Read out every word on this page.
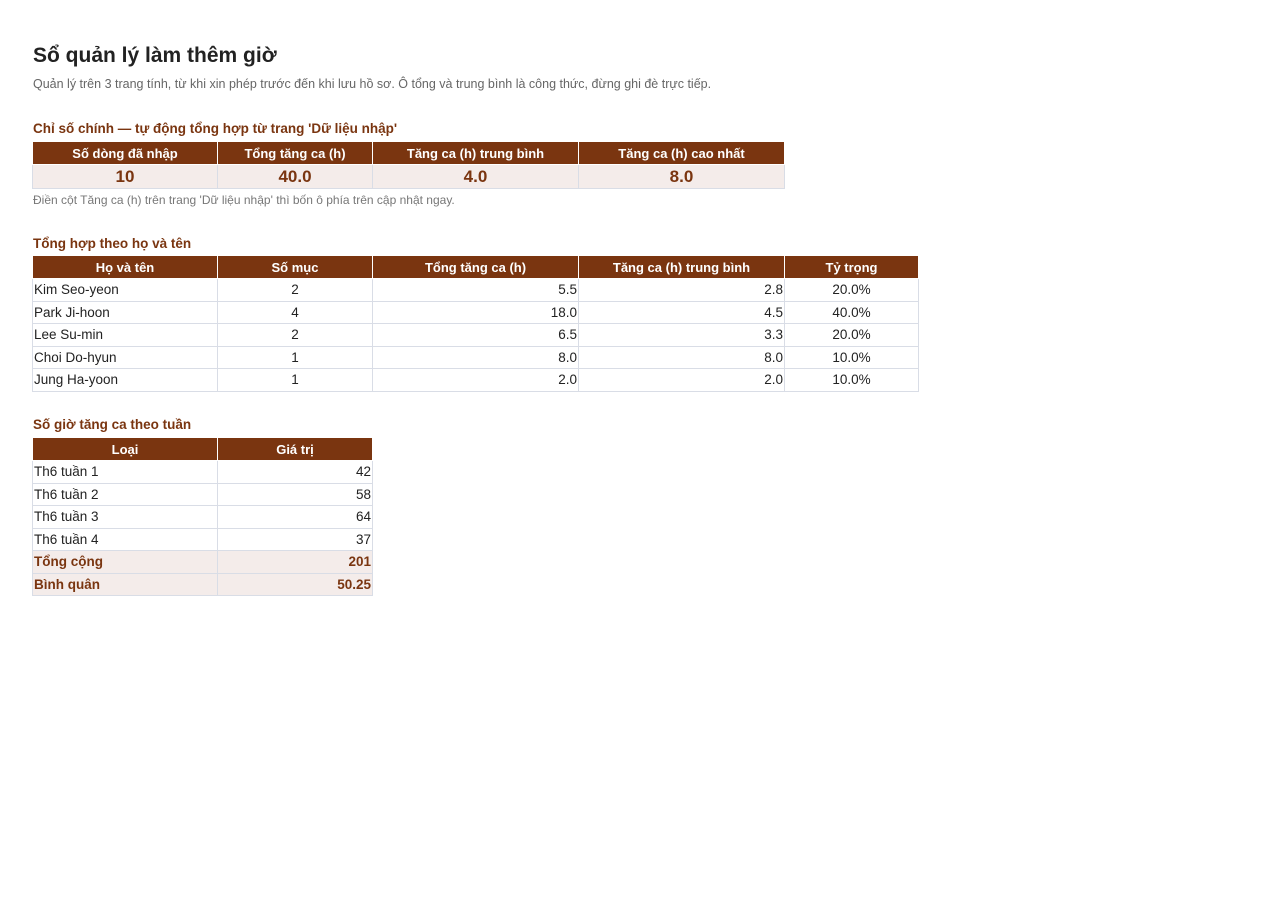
Sổ quản lý làm thêm giờ
Quản lý trên 3 trang tính, từ khi xin phép trước đến khi lưu hồ sơ. Ô tổng và trung bình là công thức, đừng ghi đè trực tiếp.
Chỉ số chính — tự động tổng hợp từ trang 'Dữ liệu nhập'
Số dòng đã nhập	Tổng tăng ca (h)	Tăng ca (h) trung bình	Tăng ca (h) cao nhất
10	40.0	4.0	8.0
Điền cột Tăng ca (h) trên trang 'Dữ liệu nhập' thì bốn ô phía trên cập nhật ngay.
Tổng hợp theo họ và tên
Họ và tên	Số mục	Tổng tăng ca (h)	Tăng ca (h) trung bình	Tỷ trọng
Kim Seo-yeon	2	5.5	2.8	20.0%
Park Ji-hoon	4	18.0	4.5	40.0%
Lee Su-min	2	6.5	3.3	20.0%
Choi Do-hyun	1	8.0	8.0	10.0%
Jung Ha-yoon	1	2.0	2.0	10.0%
Số giờ tăng ca theo tuần
Loại	Giá trị
Th6 tuần 1	42
Th6 tuần 2	58
Th6 tuần 3	64
Th6 tuần 4	37
Tổng cộng	201
Bình quân	50.25
